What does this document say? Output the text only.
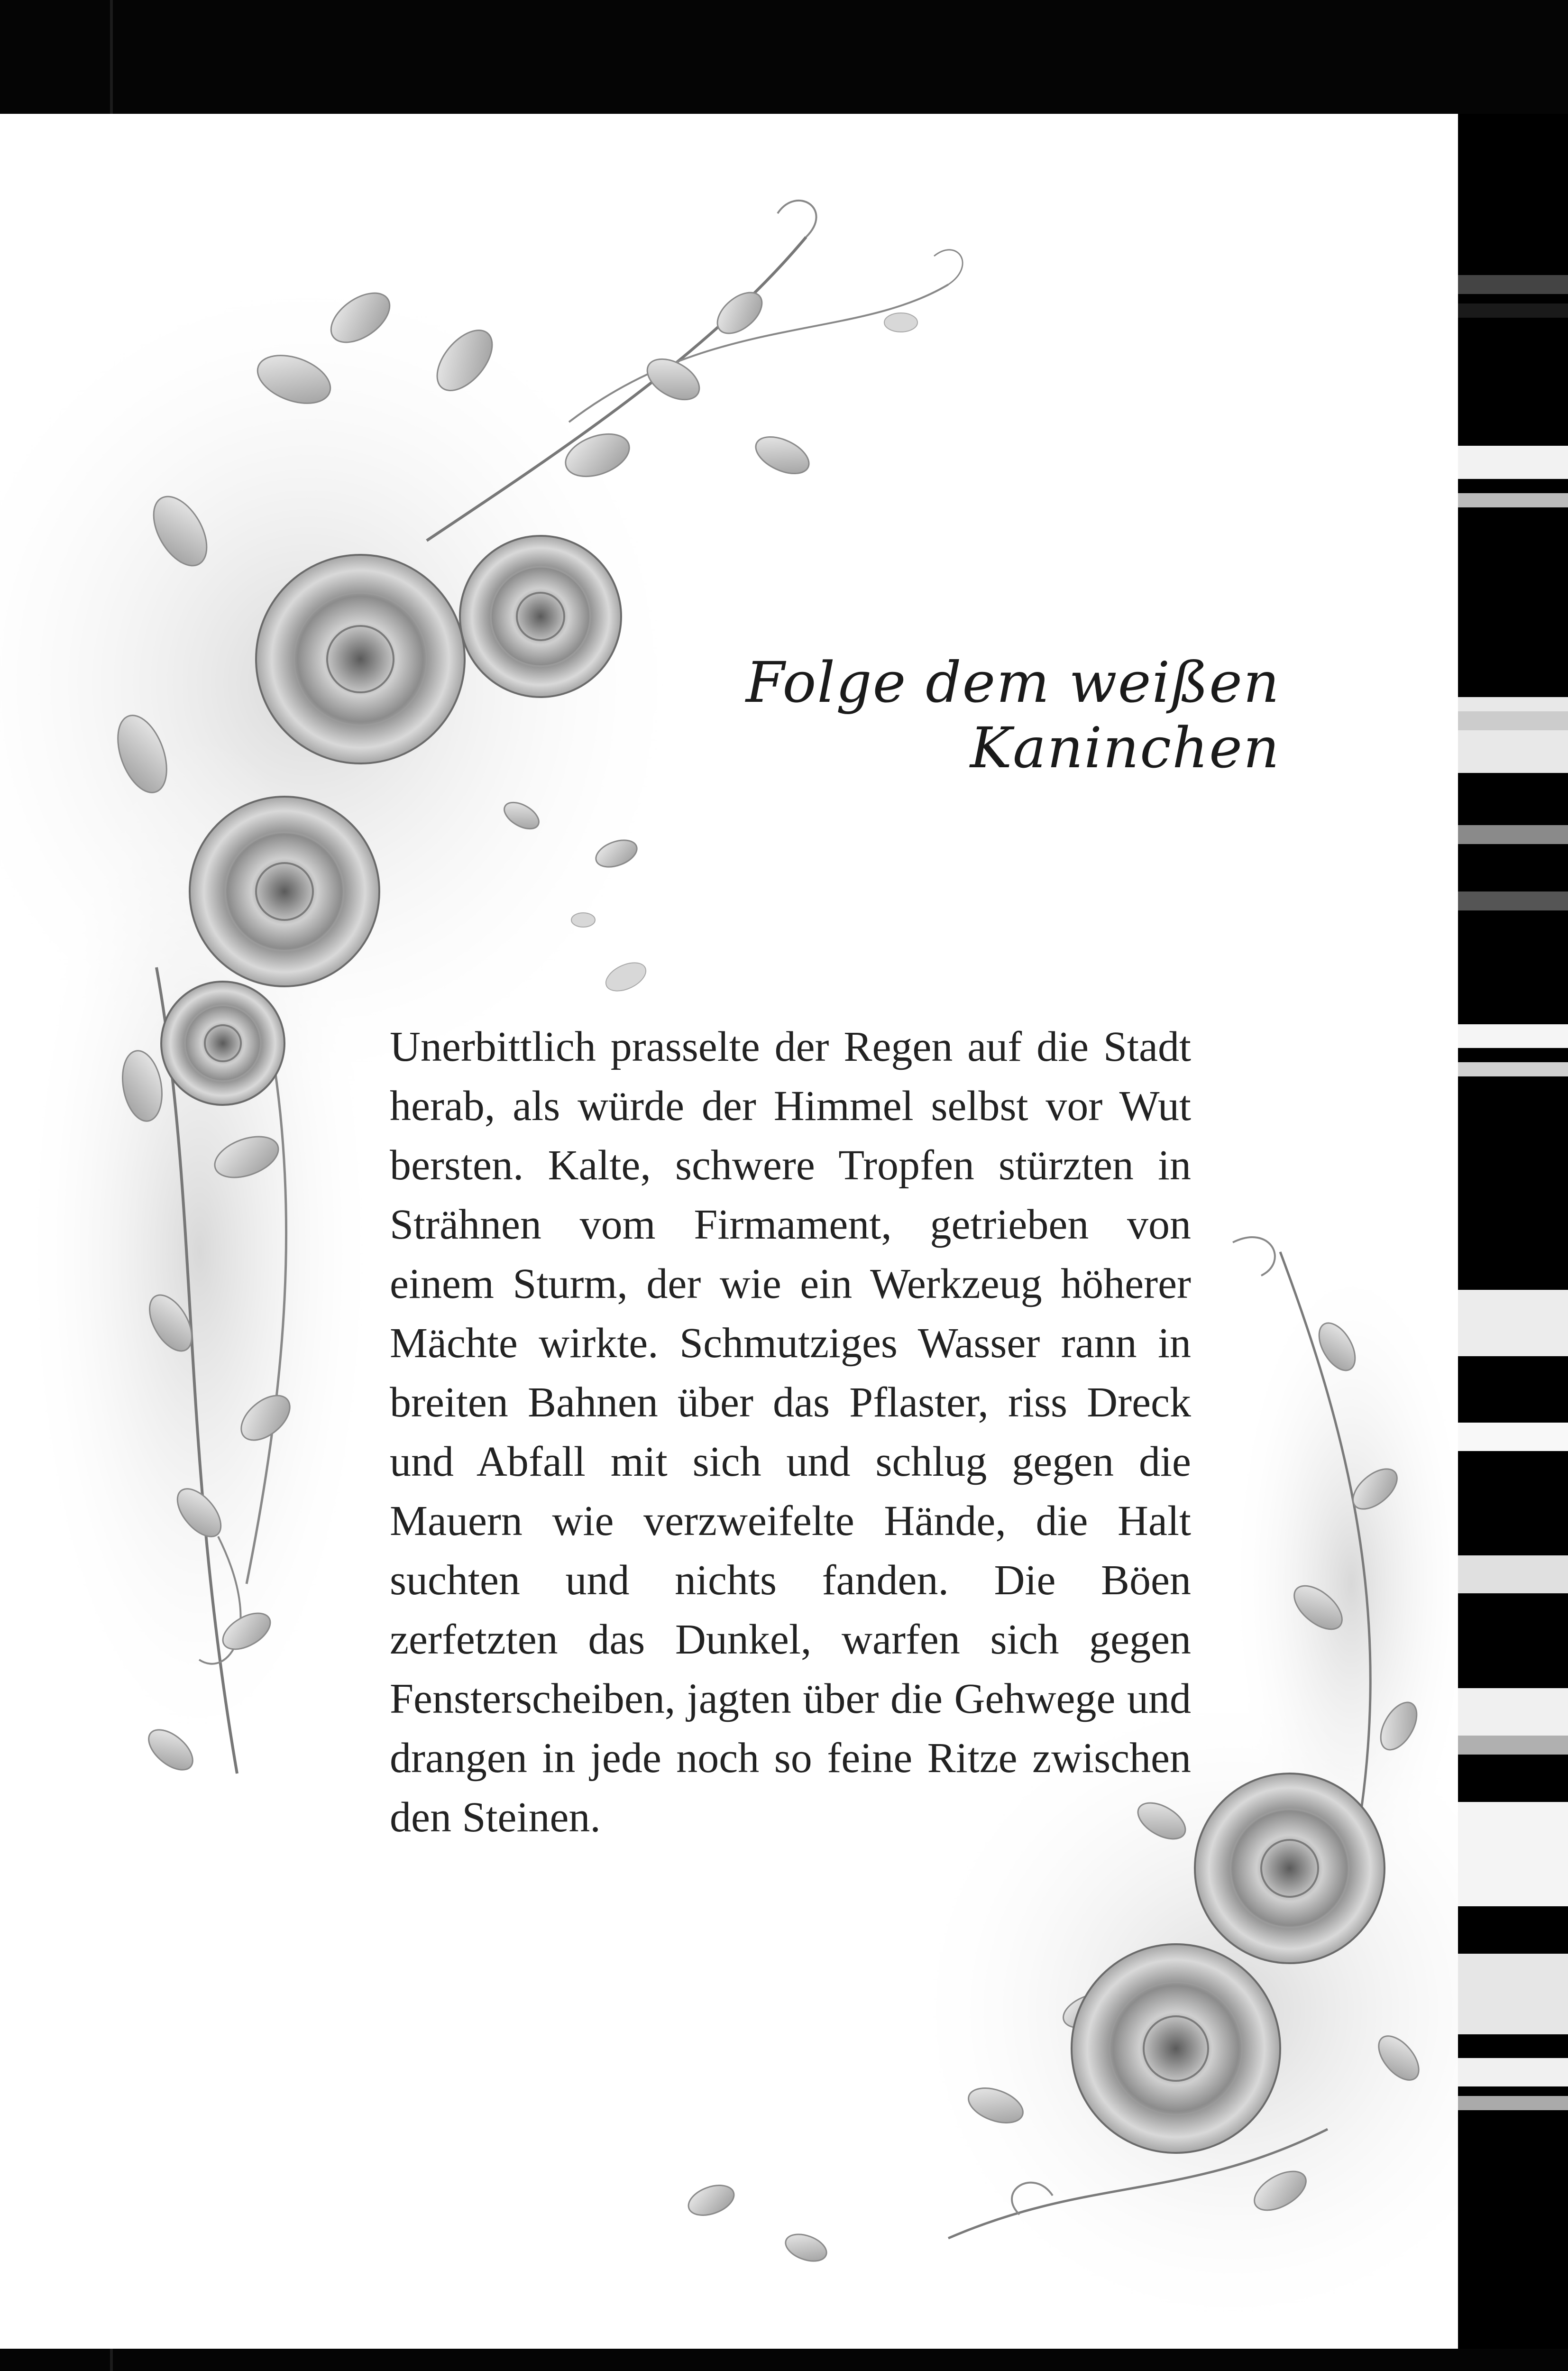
Folge dem weißen Kaninchen

Unerbittlich prasselte der Regen auf die Stadt herab, als würde der Himmel selbst vor Wut bersten. Kalte, schwere Tropfen stürzten in Strähnen vom Firmament, getrieben von einem Sturm, der wie ein Werkzeug höherer Mächte wirkte. Schmutziges Wasser rann in breiten Bahnen über das Pflaster, riss Dreck und Abfall mit sich und schlug gegen die Mauern wie verzweifelte Hände, die Halt suchten und nichts fanden. Die Böen zerfetzten das Dunkel, warfen sich gegen Fensterscheiben, jagten über die Gehwege und drangen in jede noch so feine Ritze zwischen den Steinen.
